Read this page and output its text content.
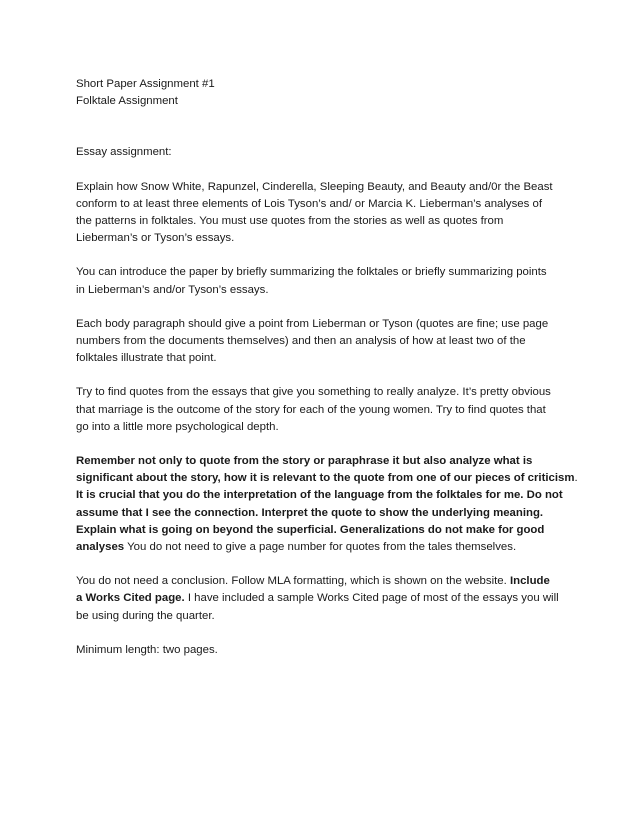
Short Paper Assignment #1
Folktale Assignment
Essay assignment:
Explain how Snow White, Rapunzel, Cinderella, Sleeping Beauty, and Beauty and/0r the Beast
conform to at least three elements of Lois Tyson’s and/ or Marcia K. Lieberman’s analyses of
the patterns in folktales. You must use quotes from the stories as well as quotes from
Lieberman’s or Tyson’s essays.
You can introduce the paper by briefly summarizing the folktales or briefly summarizing points
in Lieberman’s and/or Tyson’s essays.
Each body paragraph should give a point from Lieberman or Tyson (quotes are fine; use page
numbers from the documents themselves) and then an analysis of how at least two of the
folktales illustrate that point.
Try to find quotes from the essays that give you something to really analyze. It’s pretty obvious
that marriage is the outcome of the story for each of the young women. Try to find quotes that
go into a little more psychological depth.
Remember not only to quote from the story or paraphrase it but also analyze what is
significant about the story, how it is relevant to the quote from one of our pieces of criticism.
It is crucial that you do the interpretation of the language from the folktales for me. Do not
assume that I see the connection. Interpret the quote to show the underlying meaning.
Explain what is going on beyond the superficial. Generalizations do not make for good
analyses You do not need to give a page number for quotes from the tales themselves.
You do not need a conclusion. Follow MLA formatting, which is shown on the website. Include
a Works Cited page. I have included a sample Works Cited page of most of the essays you will
be using during the quarter.
Minimum length: two pages.
